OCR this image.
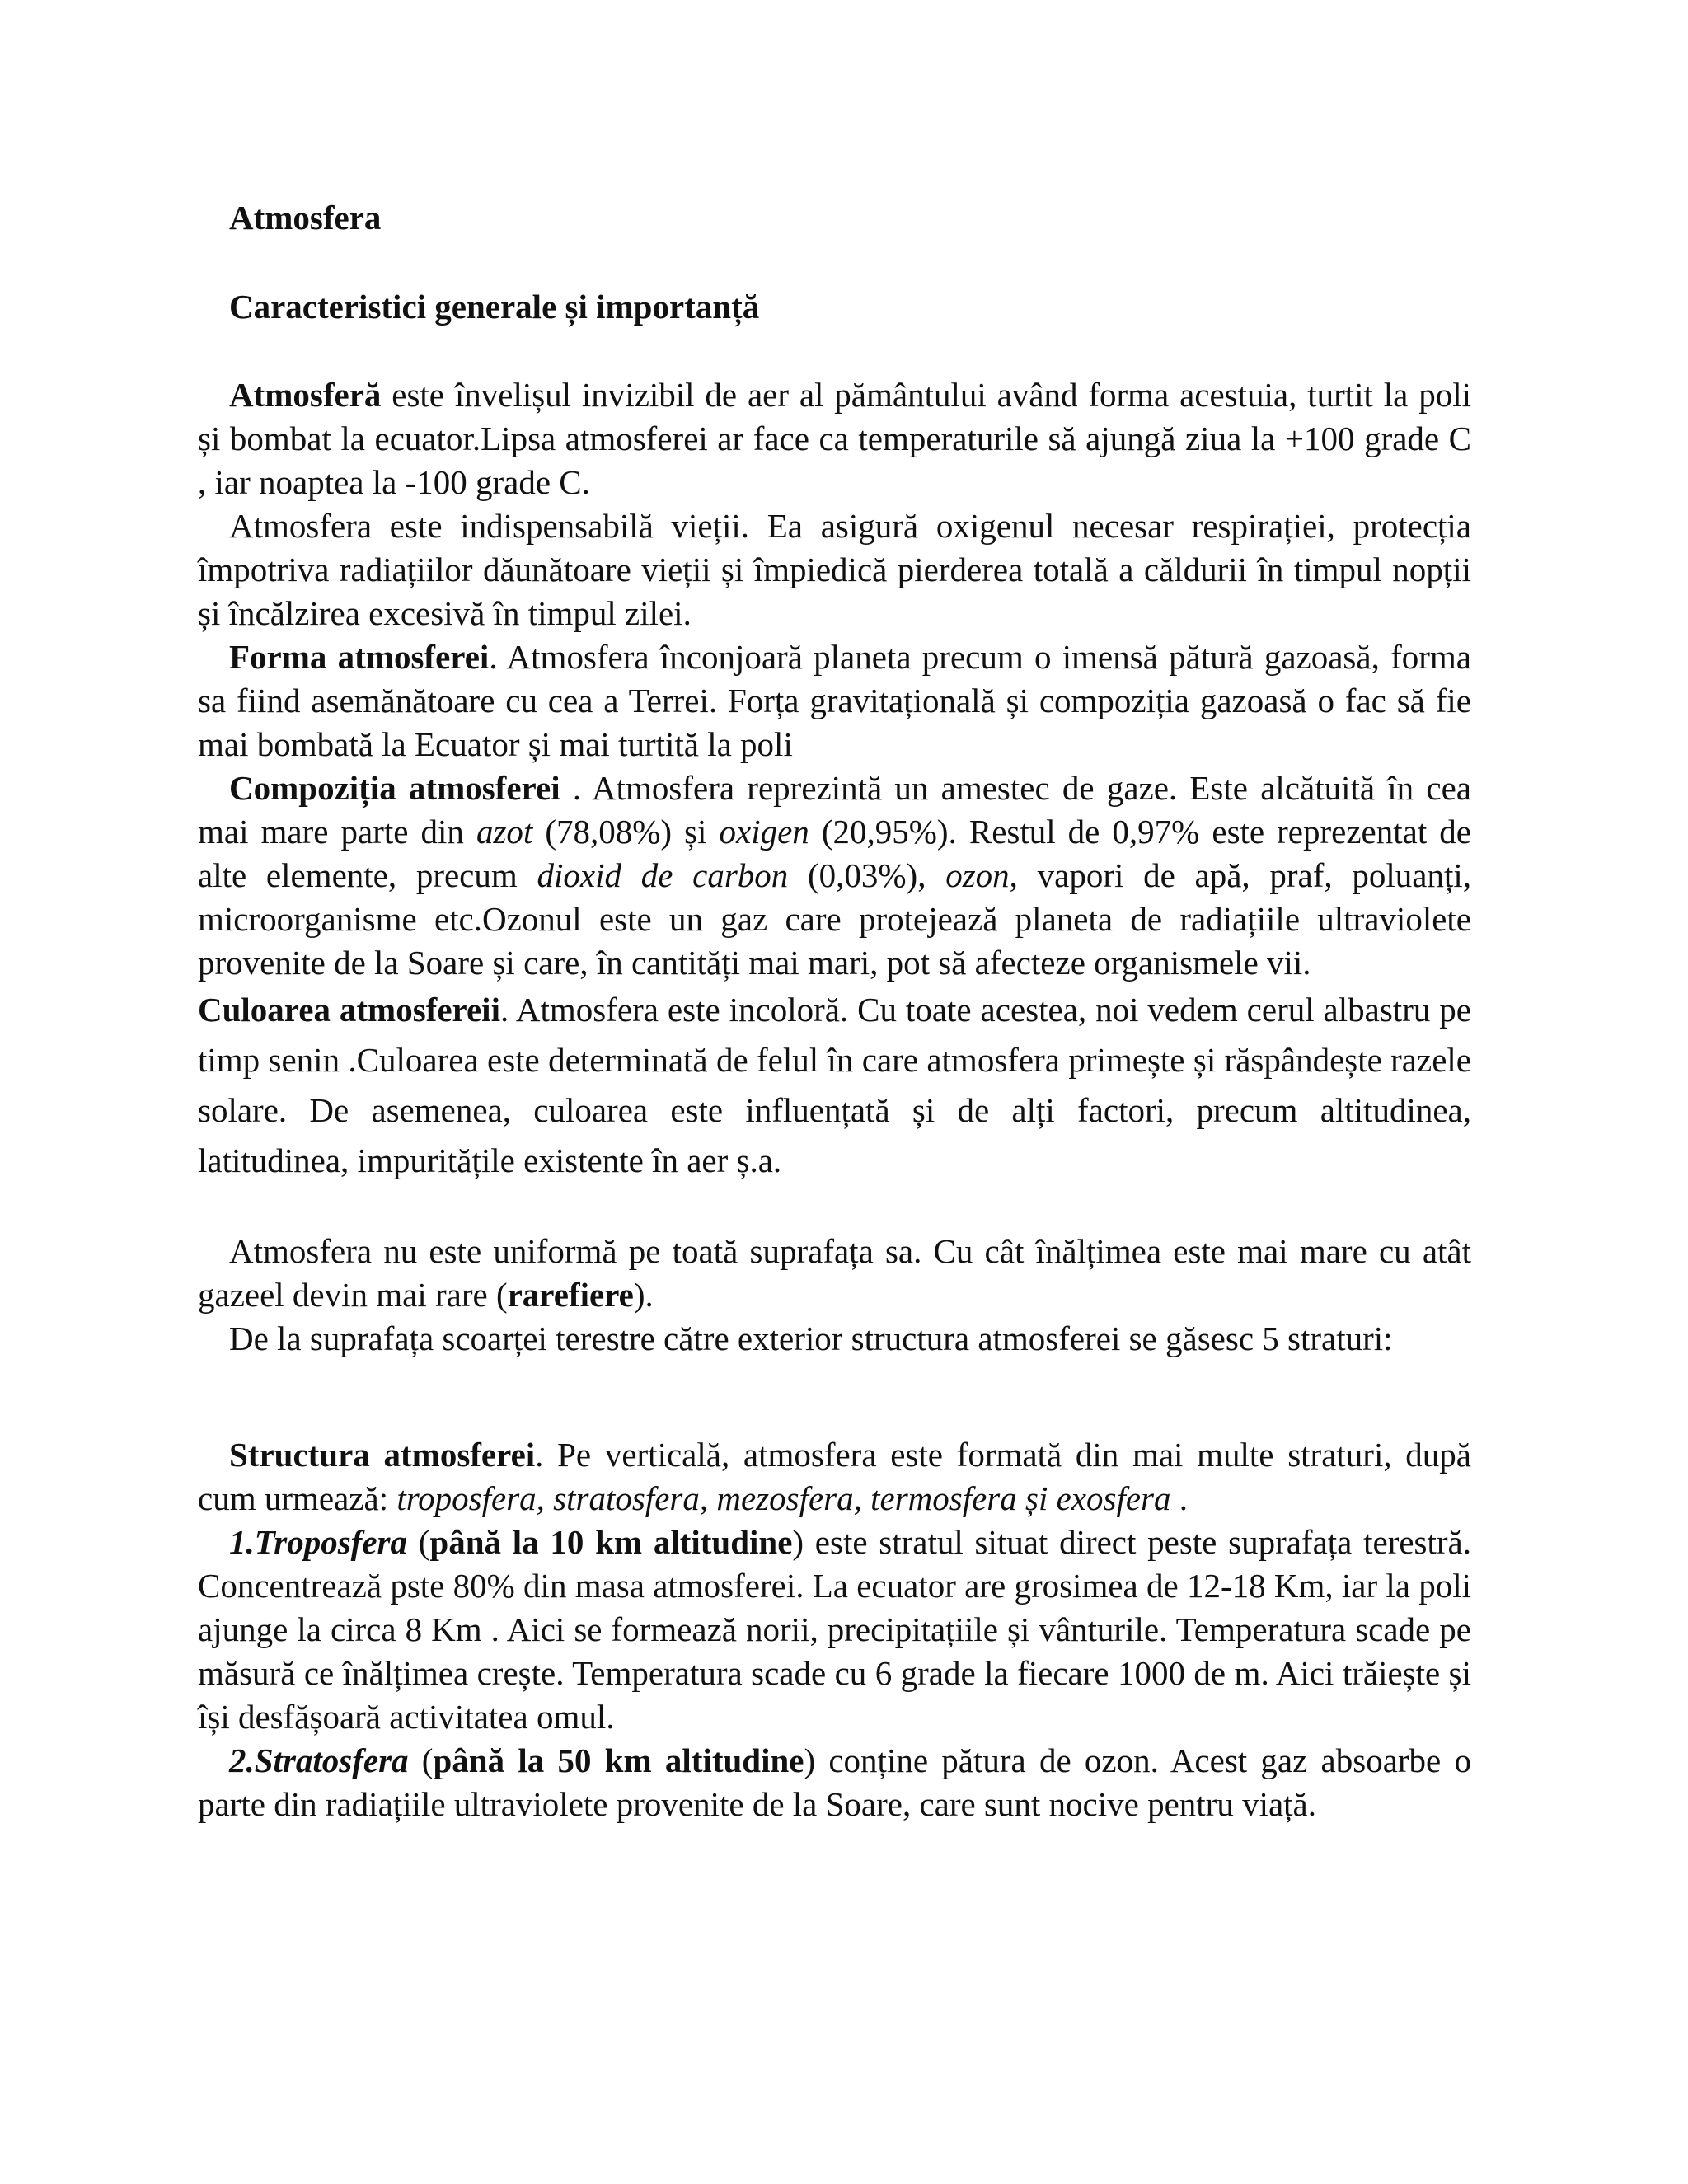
Atmosfera
Caracteristici generale și importanță

Atmosferă este învelișul invizibil de aer al pământului având forma acestuia, turtit la poli și bombat la ecuator.Lipsa atmosferei ar face ca temperaturile să ajungă ziua la +100 grade C , iar noaptea la -100 grade C.

Atmosfera este indispensabilă vieții. Ea asigură oxigenul necesar respirației, protecția împotriva radiațiilor dăunătoare vieții și împiedică pierderea totală a căldurii în timpul nopții și încălzirea excesivă în timpul zilei.

Forma atmosferei. Atmosfera înconjoară planeta precum o imensă pătură gazoasă, forma sa fiind asemănătoare cu cea a Terrei. Forța gravitațională și compoziția gazoasă o fac să fie mai bombată la Ecuator și mai turtită la poli

Compoziția atmosferei . Atmosfera reprezintă un amestec de gaze. Este alcătuită în cea mai mare parte din azot (78,08%) și oxigen (20,95%). Restul de 0,97% este reprezentat de alte elemente, precum dioxid de carbon (0,03%), ozon, vapori de apă, praf, poluanți, microorganisme etc.Ozonul este un gaz care protejează planeta de radiațiile ultraviolete provenite de la Soare și care, în cantități mai mari, pot să afecteze organismele vii.

Culoarea atmosfereii. Atmosfera este incoloră. Cu toate acestea, noi vedem cerul albastru pe timp senin .Culoarea este determinată de felul în care atmosfera primește și răspândește razele solare. De asemenea, culoarea este influențată și de alți factori, precum altitudinea, latitudinea, impuritățile existente în aer ș.a.

Atmosfera nu este uniformă pe toată suprafața sa. Cu cât înălțimea este mai mare cu atât gazeel devin mai rare (rarefiere).

De la suprafața scoarței terestre către exterior structura atmosferei se găsesc 5 straturi:

Structura atmosferei. Pe verticală, atmosfera este formată din mai multe straturi, după cum urmează: troposfera, stratosfera, mezosfera, termosfera și exosfera .

1.Troposfera (până la 10 km altitudine) este stratul situat direct peste suprafața terestră. Concentrează pste 80% din masa atmosferei. La ecuator are grosimea de 12-18 Km, iar la poli ajunge la circa 8 Km . Aici se formează norii, precipitațiile și vânturile. Temperatura scade pe măsură ce înălțimea crește. Temperatura scade cu 6 grade la fiecare 1000 de m. Aici trăiește și își desfășoară activitatea omul.

2.Stratosfera (până la 50 km altitudine) conține pătura de ozon. Acest gaz absoarbe o parte din radiațiile ultraviolete provenite de la Soare, care sunt nocive pentru viață.
